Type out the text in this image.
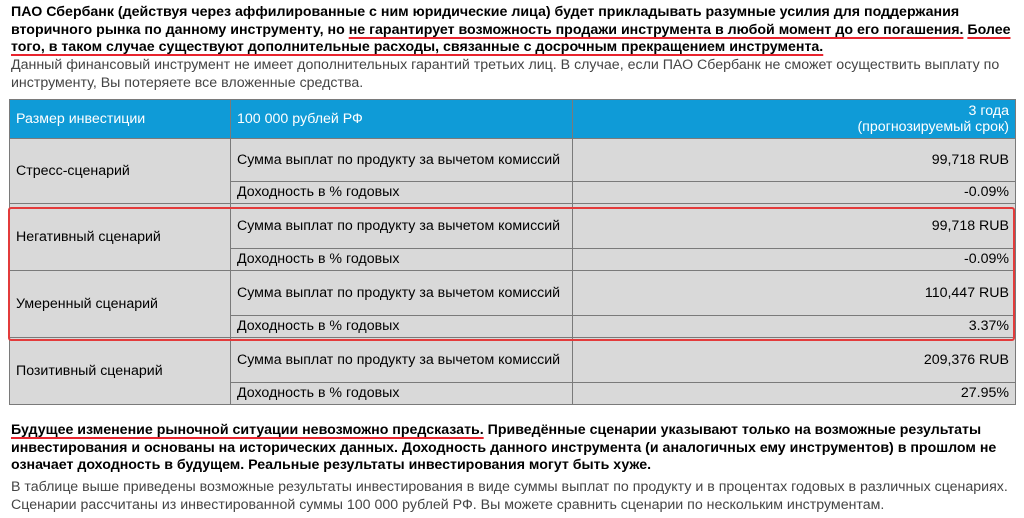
ПАО Сбербанк (действуя через аффилированные с ним юридические лица) будет прикладывать разумные усилия для поддержания вторичного рынка по данному инструменту, но не гарантирует возможность продажи инструмента в любой момент до его погашения. Более того, в таком случае существуют дополнительные расходы, связанные с досрочным прекращением инструмента.
Данный финансовый инструмент не имеет дополнительных гарантий третьих лиц. В случае, если ПАО Сбербанк не сможет осуществить выплату по инструменту, Вы потеряете все вложенные средства.
Размер инвестиции	100 000 рублей РФ	3 года
(прогнозируемый срок)

Стресс-сценарий	Сумма выплат по продукту за вычетом комиссий	99,718 RUB
	Доходность в % годовых	-0.09%
Негативный сценарий	Сумма выплат по продукту за вычетом комиссий	99,718 RUB
	Доходность в % годовых	-0.09%
Умеренный сценарий	Сумма выплат по продукту за вычетом комиссий	110,447 RUB
	Доходность в % годовых	3.37%
Позитивный сценарий	Сумма выплат по продукту за вычетом комиссий	209,376 RUB
	Доходность в % годовых	27.95%
Будущее изменение рыночной ситуации невозможно предсказать. Приведённые сценарии указывают только на возможные результаты инвестирования и основаны на исторических данных. Доходность данного инструмента (и аналогичных ему инструментов) в прошлом не означает доходность в будущем. Реальные результаты инвестирования могут быть хуже.
В таблице выше приведены возможные результаты инвестирования в виде суммы выплат по продукту и в процентах годовых в различных сценариях. Сценарии рассчитаны из инвестированной суммы 100 000 рублей РФ. Вы можете сравнить сценарии по нескольким инструментам.
